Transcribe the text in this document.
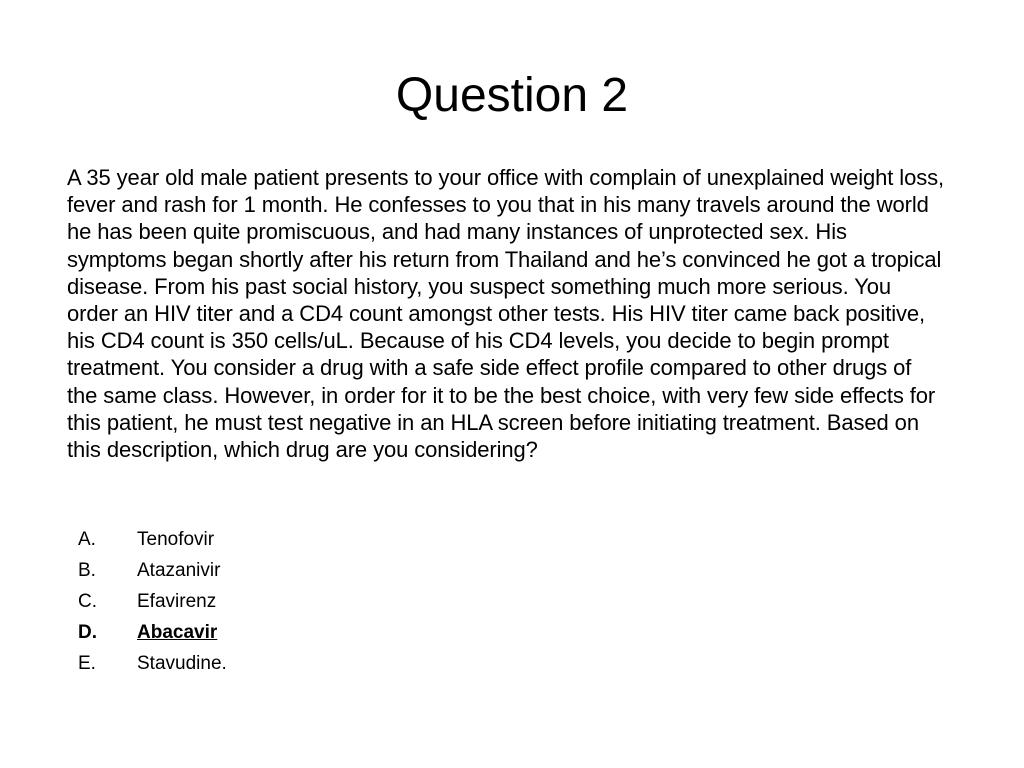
Question 2

A 35 year old male patient presents to your office with complain of unexplained weight loss, fever and rash for 1 month. He confesses to you that in his many travels around the world he has been quite promiscuous, and had many instances of unprotected sex. His symptoms began shortly after his return from Thailand and he’s convinced he got a tropical disease. From his past social history, you suspect something much more serious. You order an HIV titer and a CD4 count amongst other tests. His HIV titer came back positive, his CD4 count is 350 cells/uL. Because of his CD4 levels, you decide to begin prompt treatment. You consider a drug with a safe side effect profile compared to other drugs of the same class. However, in order for it to be the best choice, with very few side effects for this patient, he must test negative in an HLA screen before initiating treatment. Based on this description, which drug are you considering?

A.	Tenofovir
B.	Atazanivir
C.	Efavirenz
D.	Abacavir
E.	Stavudine.
